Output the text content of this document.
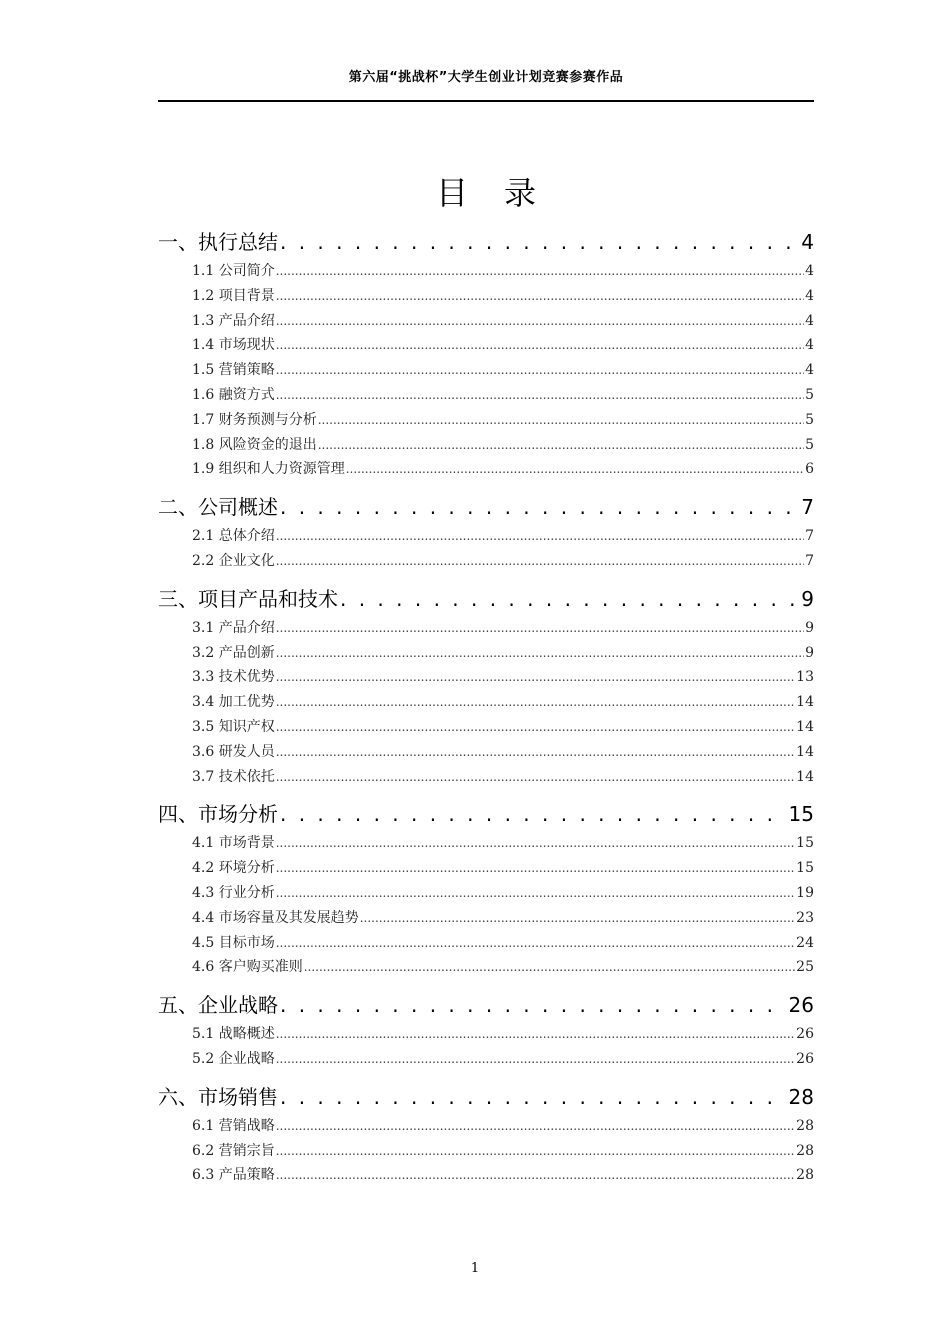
第六届“挑战杯”大学生创业计划竞赛参赛作品
目录
一、执行总结 . . .	4
1.1 公司简介 .....	4
1.2 项目背景 .....	4
1.3 产品介绍 .....	4
1.4 市场现状 .....	4
1.5 营销策略 .....	4
1.6 融资方式 .....	5
1.7 财务预测与分析 .....	5
1.8 风险资金的退出 .....	5
1.9 组织和人力资源管理 .....	6
二、公司概述 . . .	7
2.1 总体介绍 .....	7
2.2 企业文化 .....	7
三、项目产品和技术 . . .	9
3.1 产品介绍 .....	9
3.2 产品创新 .....	9
3.3 技术优势 .....	13
3.4 加工优势 .....	14
3.5 知识产权 .....	14
3.6 研发人员 .....	14
3.7 技术依托 .....	14
四、市场分析 . . .	15
4.1 市场背景 .....	15
4.2 环境分析 .....	15
4.3 行业分析 .....	19
4.4 市场容量及其发展趋势 .....	23
4.5 目标市场 .....	24
4.6 客户购买准则 .....	25
五、企业战略 . . .	26
5.1 战略概述 .....	26
5.2 企业战略 .....	26
六、市场销售 . . .	28
6.1 营销战略 .....	28
6.2 营销宗旨 .....	28
6.3 产品策略 .....	28
1
